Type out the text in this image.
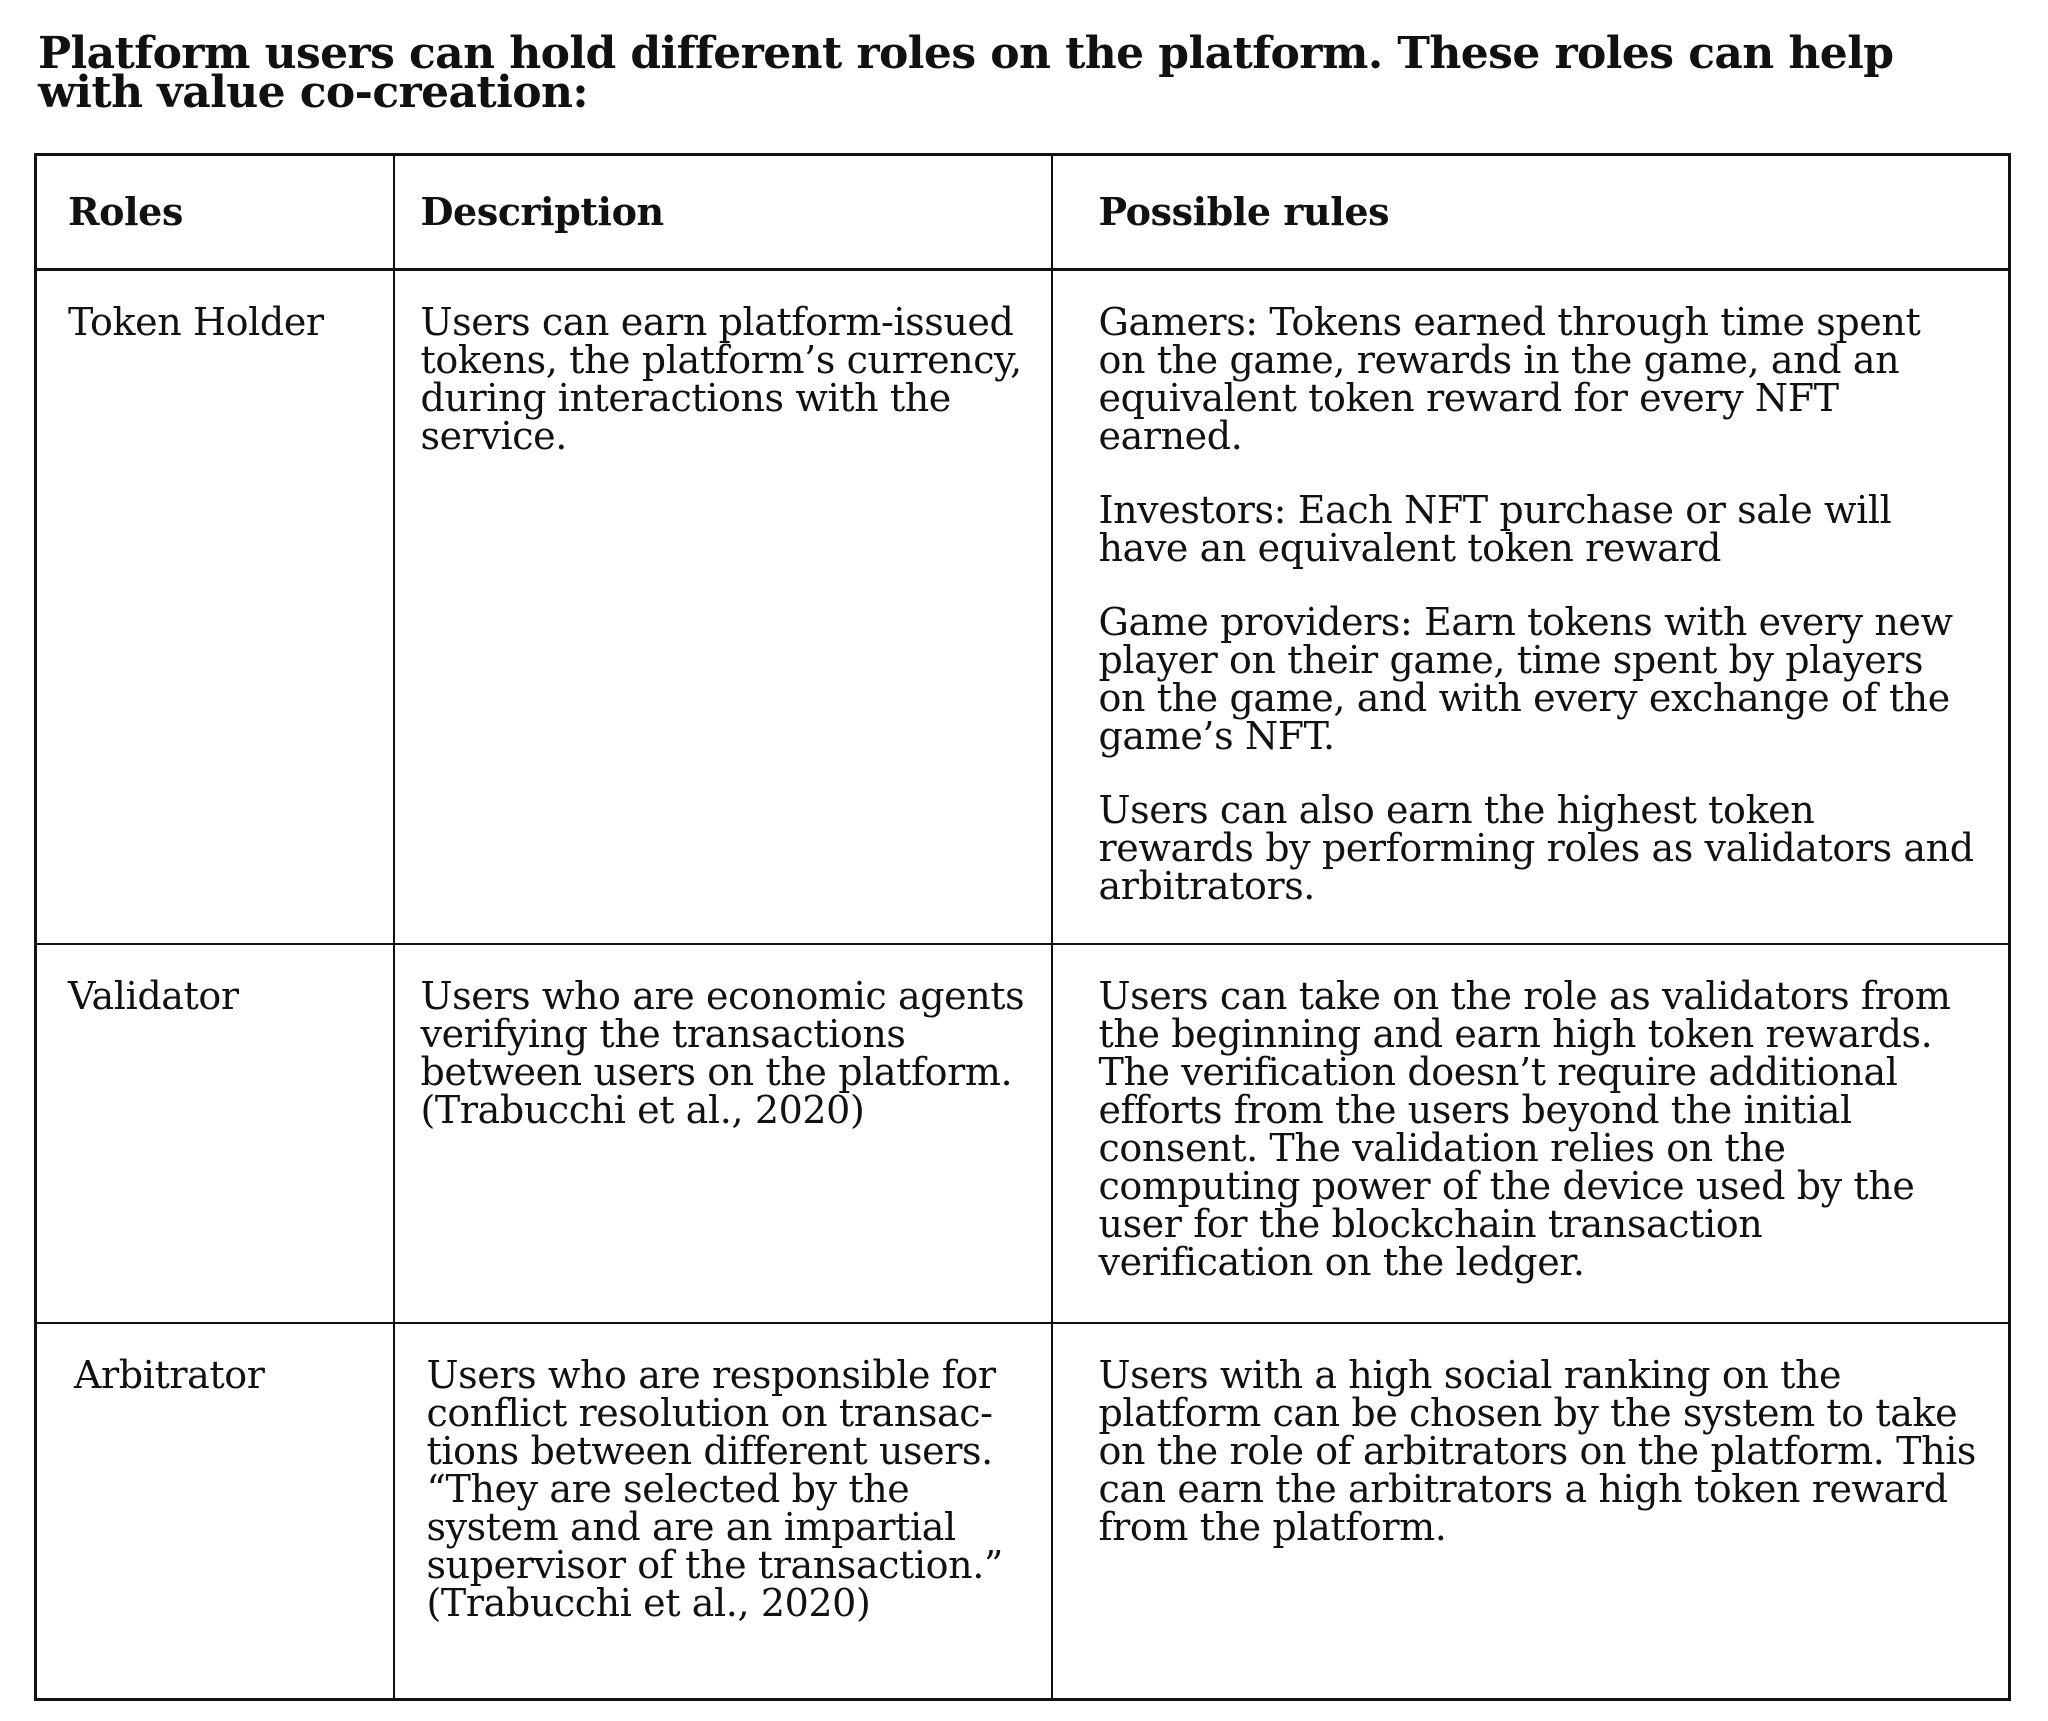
Platform users can hold different roles on the platform. These roles can help with value co-creation:
Roles	Description	Possible rules

Token Holder	Users can earn platform-issued tokens, the platform’s currency, during interactions with the service.	Gamers: Tokens earned through time spent on the game, rewards in the game, and an equivalent token reward for every NFT earned.

Investors: Each NFT purchase or sale will have an equivalent token reward

Game providers: Earn tokens with every new player on their game, time spent by players on the game, and with every exchange of the game’s NFT.

Users can also earn the highest token rewards by performing roles as validators and arbitrators.

Validator	Users who are economic agents verifying the transactions between users on the platform. (Trabucchi et al., 2020)	Users can take on the role as validators from the beginning and earn high token rewards. The verification doesn’t require additional efforts from the users beyond the initial consent. The validation relies on the computing power of the device used by the user for the blockchain transaction verification on the ledger.

Arbitrator	Users who are responsible for conflict resolution on transac-tions between different users. “They are selected by the system and are an impartial supervisor of the transaction.” (Trabucchi et al., 2020)	Users with a high social ranking on the platform can be chosen by the system to take on the role of arbitrators on the platform. This can earn the arbitrators a high token reward from the platform.
